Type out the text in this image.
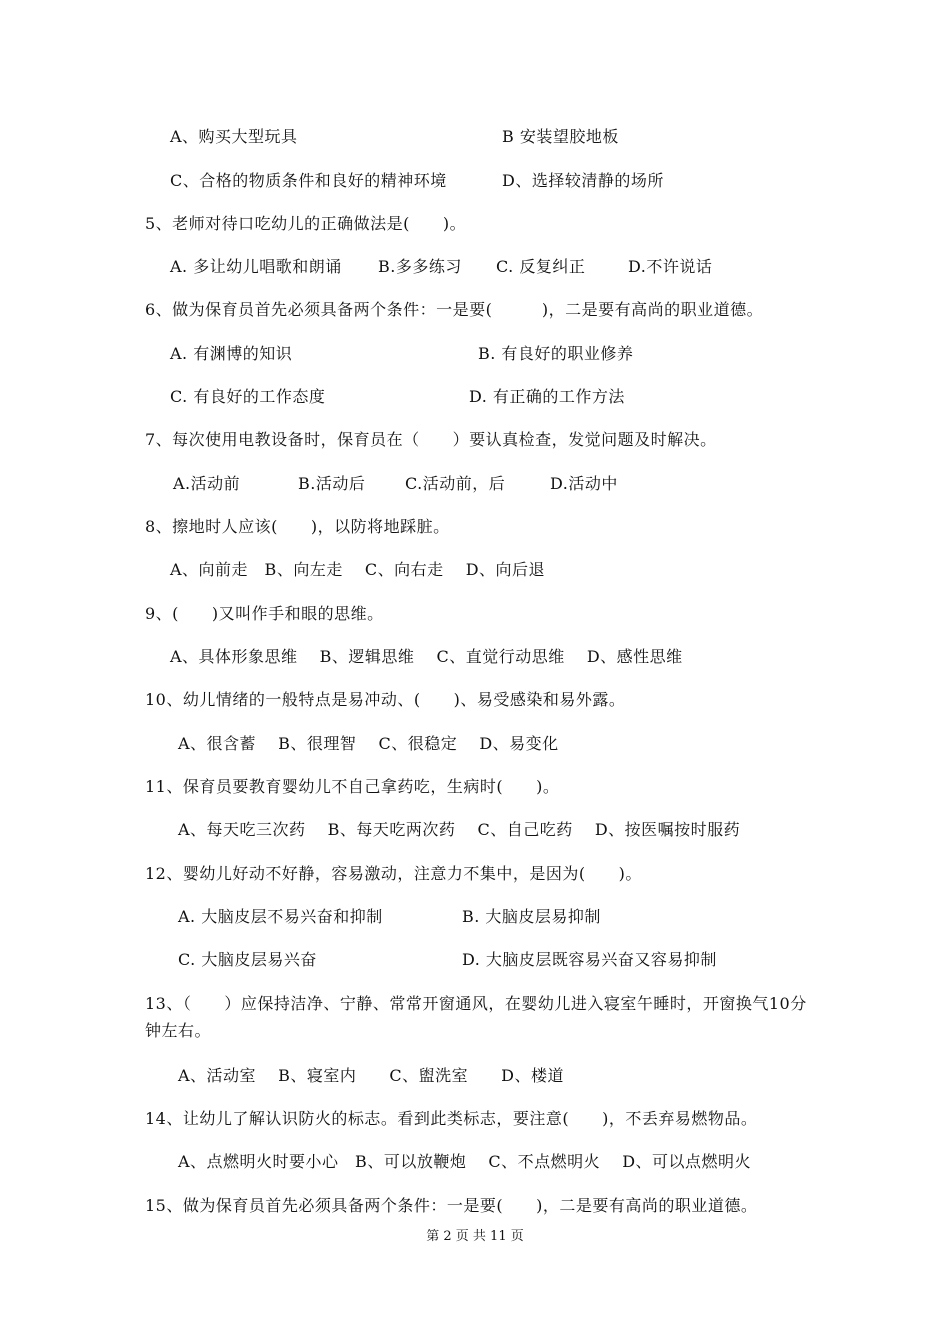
A、购买大型玩具	B 安装望胶地板
C、合格的物质条件和良好的精神环境	D、选择较清静的场所
5、老师对待口吃幼儿的正确做法是(　　)。
A. 多让幼儿唱歌和朗诵 B.多多练习 C. 反复纠正	D.不许说话
6、做为保育员首先必须具备两个条件：一是要(　　　)，二是要有高尚的职业道德。
A. 有渊博的知识	B. 有良好的职业修养
C. 有良好的工作态度	D. 有正确的工作方法
7、每次使用电教设备时，保育员在（　　）要认真检查，发觉问题及时解决。
A.活动前	B.活动后 C.活动前，后	D.活动中
8、擦地时人应该(　　)，以防将地踩脏。
A、向前走　B、向左走　 C、向右走　 D、向后退
9、(　　)又叫作手和眼的思维。
A、具体形象思维　 B、逻辑思维　 C、直觉行动思维　 D、感性思维
10、幼儿情绪的一般特点是易冲动、(　　)、易受感染和易外露。
A、很含蓄　 B、很理智　 C、很稳定　 D、易变化
11、保育员要教育婴幼儿不自己拿药吃，生病时(　　)。
A、每天吃三次药　 B、每天吃两次药　 C、自己吃药　 D、按医嘱按时服药
12、婴幼儿好动不好静，容易激动，注意力不集中，是因为(　　)。
A. 大脑皮层不易兴奋和抑制	B. 大脑皮层易抑制
C. 大脑皮层易兴奋	D. 大脑皮层既容易兴奋又容易抑制
13、（　　）应保持洁净、宁静、常常开窗通风，在婴幼儿进入寝室午睡时，开窗换气10分
钟左右。
A、活动室　 B、寝室内　　C、盥洗室　　D、楼道
14、让幼儿了解认识防火的标志。看到此类标志，要注意(　　)，不丢弃易燃物品。
A、点燃明火时要小心　B、可以放鞭炮　 C、不点燃明火　 D、可以点燃明火
15、做为保育员首先必须具备两个条件：一是要(　　)，二是要有高尚的职业道德。
第 2 页 共 11 页
